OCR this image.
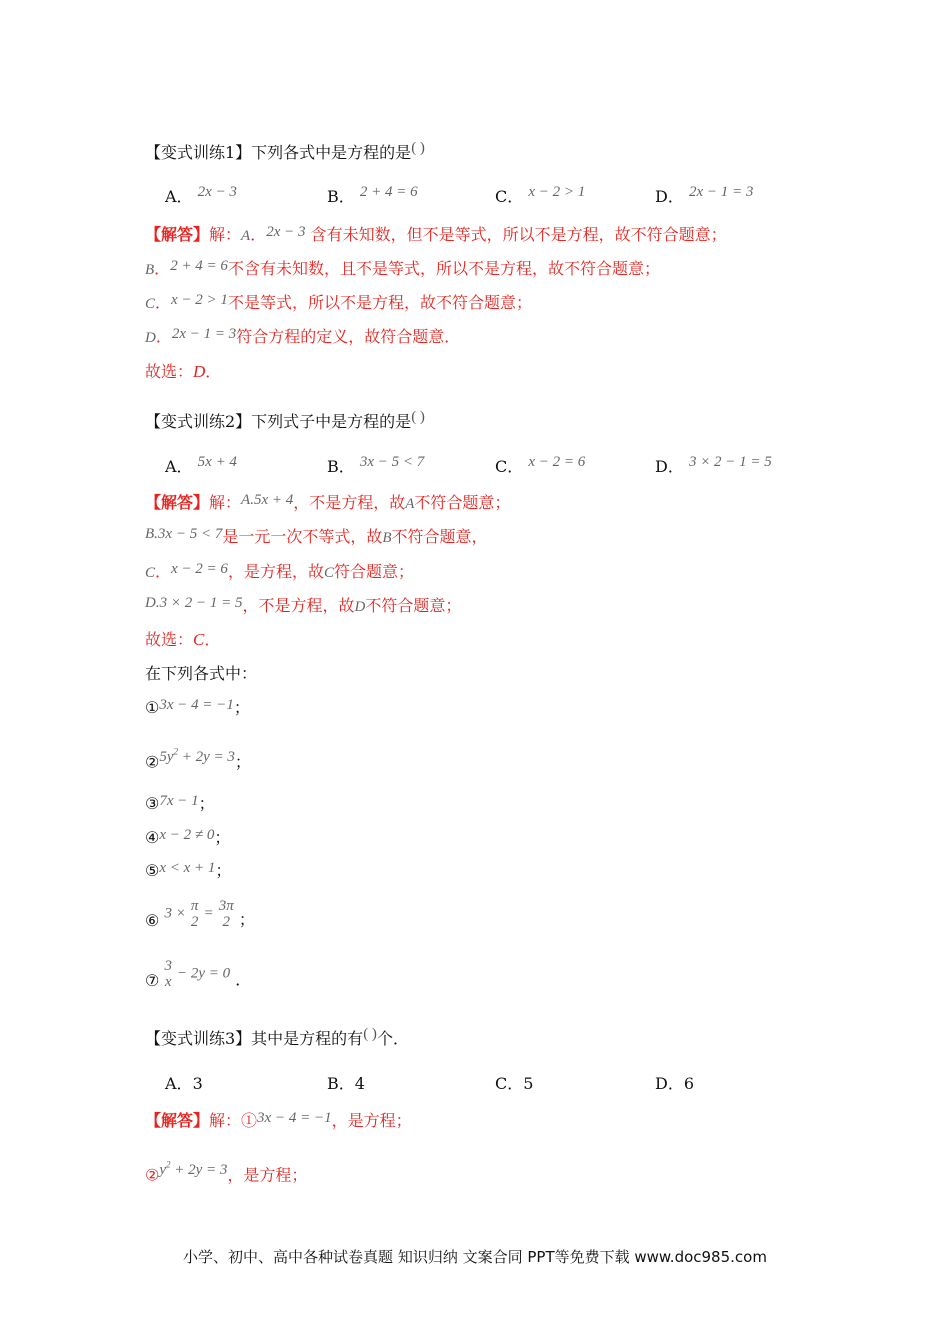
【变式训练1】下列各式中是方程的是( )
A． 2x − 3	B． 2 + 4 = 6	C． x − 2 > 1	D． 2x − 1 = 3
【解答】解：A．2x − 3 含有未知数，但不是等式，所以不是方程，故不符合题意；
B．2 + 4 = 6不含有未知数，且不是等式，所以不是方程，故不符合题意；
C．x − 2 > 1不是等式，所以不是方程，故不符合题意；
D．2x − 1 = 3符合方程的定义，故符合题意．
故选：D．
【变式训练2】下列式子中是方程的是( )
A． 5x + 4	B． 3x − 5 < 7	C． x − 2 = 6	D． 3 × 2 − 1 = 5
【解答】解：A.5x + 4，不是方程，故A不符合题意；
B.3x − 5 < 7是一元一次不等式，故B不符合题意，
C．x − 2 = 6，是方程，故C符合题意；
D.3 × 2 − 1 = 5，不是方程，故D不符合题意；
故选：C．
在下列各式中：
①3x − 4 = −1；
$②5y^2 + 2y = 3$；
③7x − 1；
④x − 2 ≠ 0；
⑤x < x + 1；
⑥ 3 × π
2
= 3π
2 ；
⑦
3
x
− 2y = 0 ．
【变式训练3】其中是方程的有( )个．
A．3	B．4	C．5	D．6
【解答】解：①3x − 4 = −1，是方程；
$②y^2 + 2y = 3$，是方程；
小学、初中、高中各种试卷真题 知识归纳 文案合同 PPT等免费下载 www.doc985.com
